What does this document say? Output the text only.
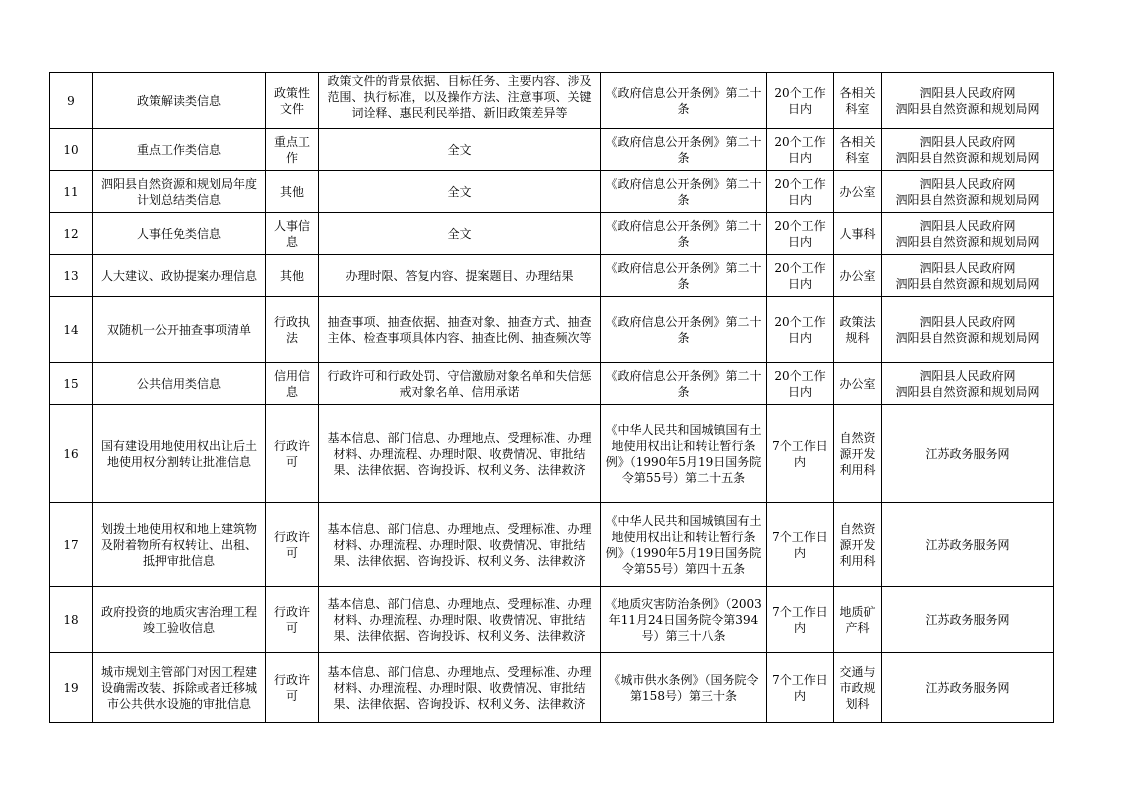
9	政策解读类信息	政策性文件	政策文件的背景依据、目标任务、主要内容、涉及范围、执行标准，以及操作方法、注意事项、关键词诠释、惠民利民举措、新旧政策差异等	《政府信息公开条例》第二十条	20个工作日内	各相关科室	泗阳县人民政府网
泗阳县自然资源和规划局网

10	重点工作类信息	重点工作	全文	《政府信息公开条例》第二十条	20个工作日内	各相关科室	泗阳县人民政府网
泗阳县自然资源和规划局网

11	泗阳县自然资源和规划局年度计划总结类信息	其他	全文	《政府信息公开条例》第二十条	20个工作日内	办公室	泗阳县人民政府网
泗阳县自然资源和规划局网

12	人事任免类信息	人事信息	全文	《政府信息公开条例》第二十条	20个工作日内	人事科	泗阳县人民政府网
泗阳县自然资源和规划局网

13	人大建议、政协提案办理信息	其他	办理时限、答复内容、提案题目、办理结果	《政府信息公开条例》第二十条	20个工作日内	办公室	泗阳县人民政府网
泗阳县自然资源和规划局网

14	双随机一公开抽查事项清单	行政执法	抽查事项、抽查依据、抽查对象、抽查方式、抽查主体、检查事项具体内容、抽查比例、抽查频次等	《政府信息公开条例》第二十条	20个工作日内	政策法规科	泗阳县人民政府网
泗阳县自然资源和规划局网

15	公共信用类信息	信用信息	行政许可和行政处罚、守信激励对象名单和失信惩戒对象名单、信用承诺	《政府信息公开条例》第二十条	20个工作日内	办公室	泗阳县人民政府网
泗阳县自然资源和规划局网

16	国有建设用地使用权出让后土地使用权分割转让批准信息	行政许可	基本信息、部门信息、办理地点、受理标准、办理材料、办理流程、办理时限、收费情况、审批结果、法律依据、咨询投诉、权利义务、法律救济	《中华人民共和国城镇国有土地使用权出让和转让暂行条例》（1990年5月19日国务院令第55号）第二十五条	7个工作日内	自然资源开发利用科	江苏政务服务网

17	划拨土地使用权和地上建筑物及附着物所有权转让、出租、抵押审批信息	行政许可	基本信息、部门信息、办理地点、受理标准、办理材料、办理流程、办理时限、收费情况、审批结果、法律依据、咨询投诉、权利义务、法律救济	《中华人民共和国城镇国有土地使用权出让和转让暂行条例》（1990年5月19日国务院令第55号）第四十五条	7个工作日内	自然资源开发利用科	江苏政务服务网

18	政府投资的地质灾害治理工程竣工验收信息	行政许可	基本信息、部门信息、办理地点、受理标准、办理材料、办理流程、办理时限、收费情况、审批结果、法律依据、咨询投诉、权利义务、法律救济	《地质灾害防治条例》（2003年11月24日国务院令第394号）第三十八条	7个工作日内	地质矿产科	江苏政务服务网

19	城市规划主管部门对因工程建设确需改装、拆除或者迁移城市公共供水设施的审批信息	行政许可	基本信息、部门信息、办理地点、受理标准、办理材料、办理流程、办理时限、收费情况、审批结果、法律依据、咨询投诉、权利义务、法律救济	《城市供水条例》（国务院令第158号）第三十条	7个工作日内	交通与市政规划科	江苏政务服务网
